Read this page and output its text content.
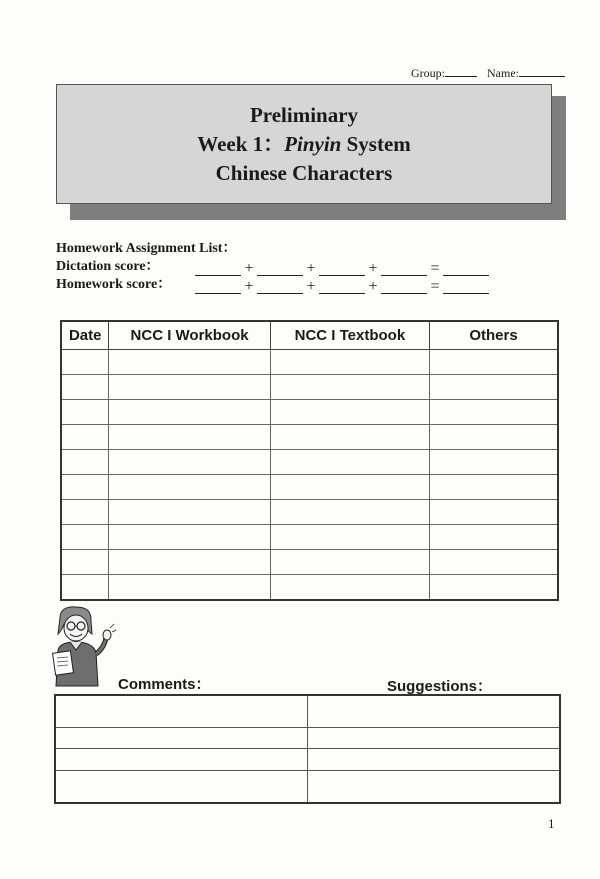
Group:	Name:
Preliminary
Week 1：Pinyin System
Chinese Characters
Homework Assignment List：
Dictation score：	+	+	+	=
Homework score：	+	+	+	=
Date	NCC I Workbook	NCC I Textbook	Others

Comments：	Suggestions：

1
